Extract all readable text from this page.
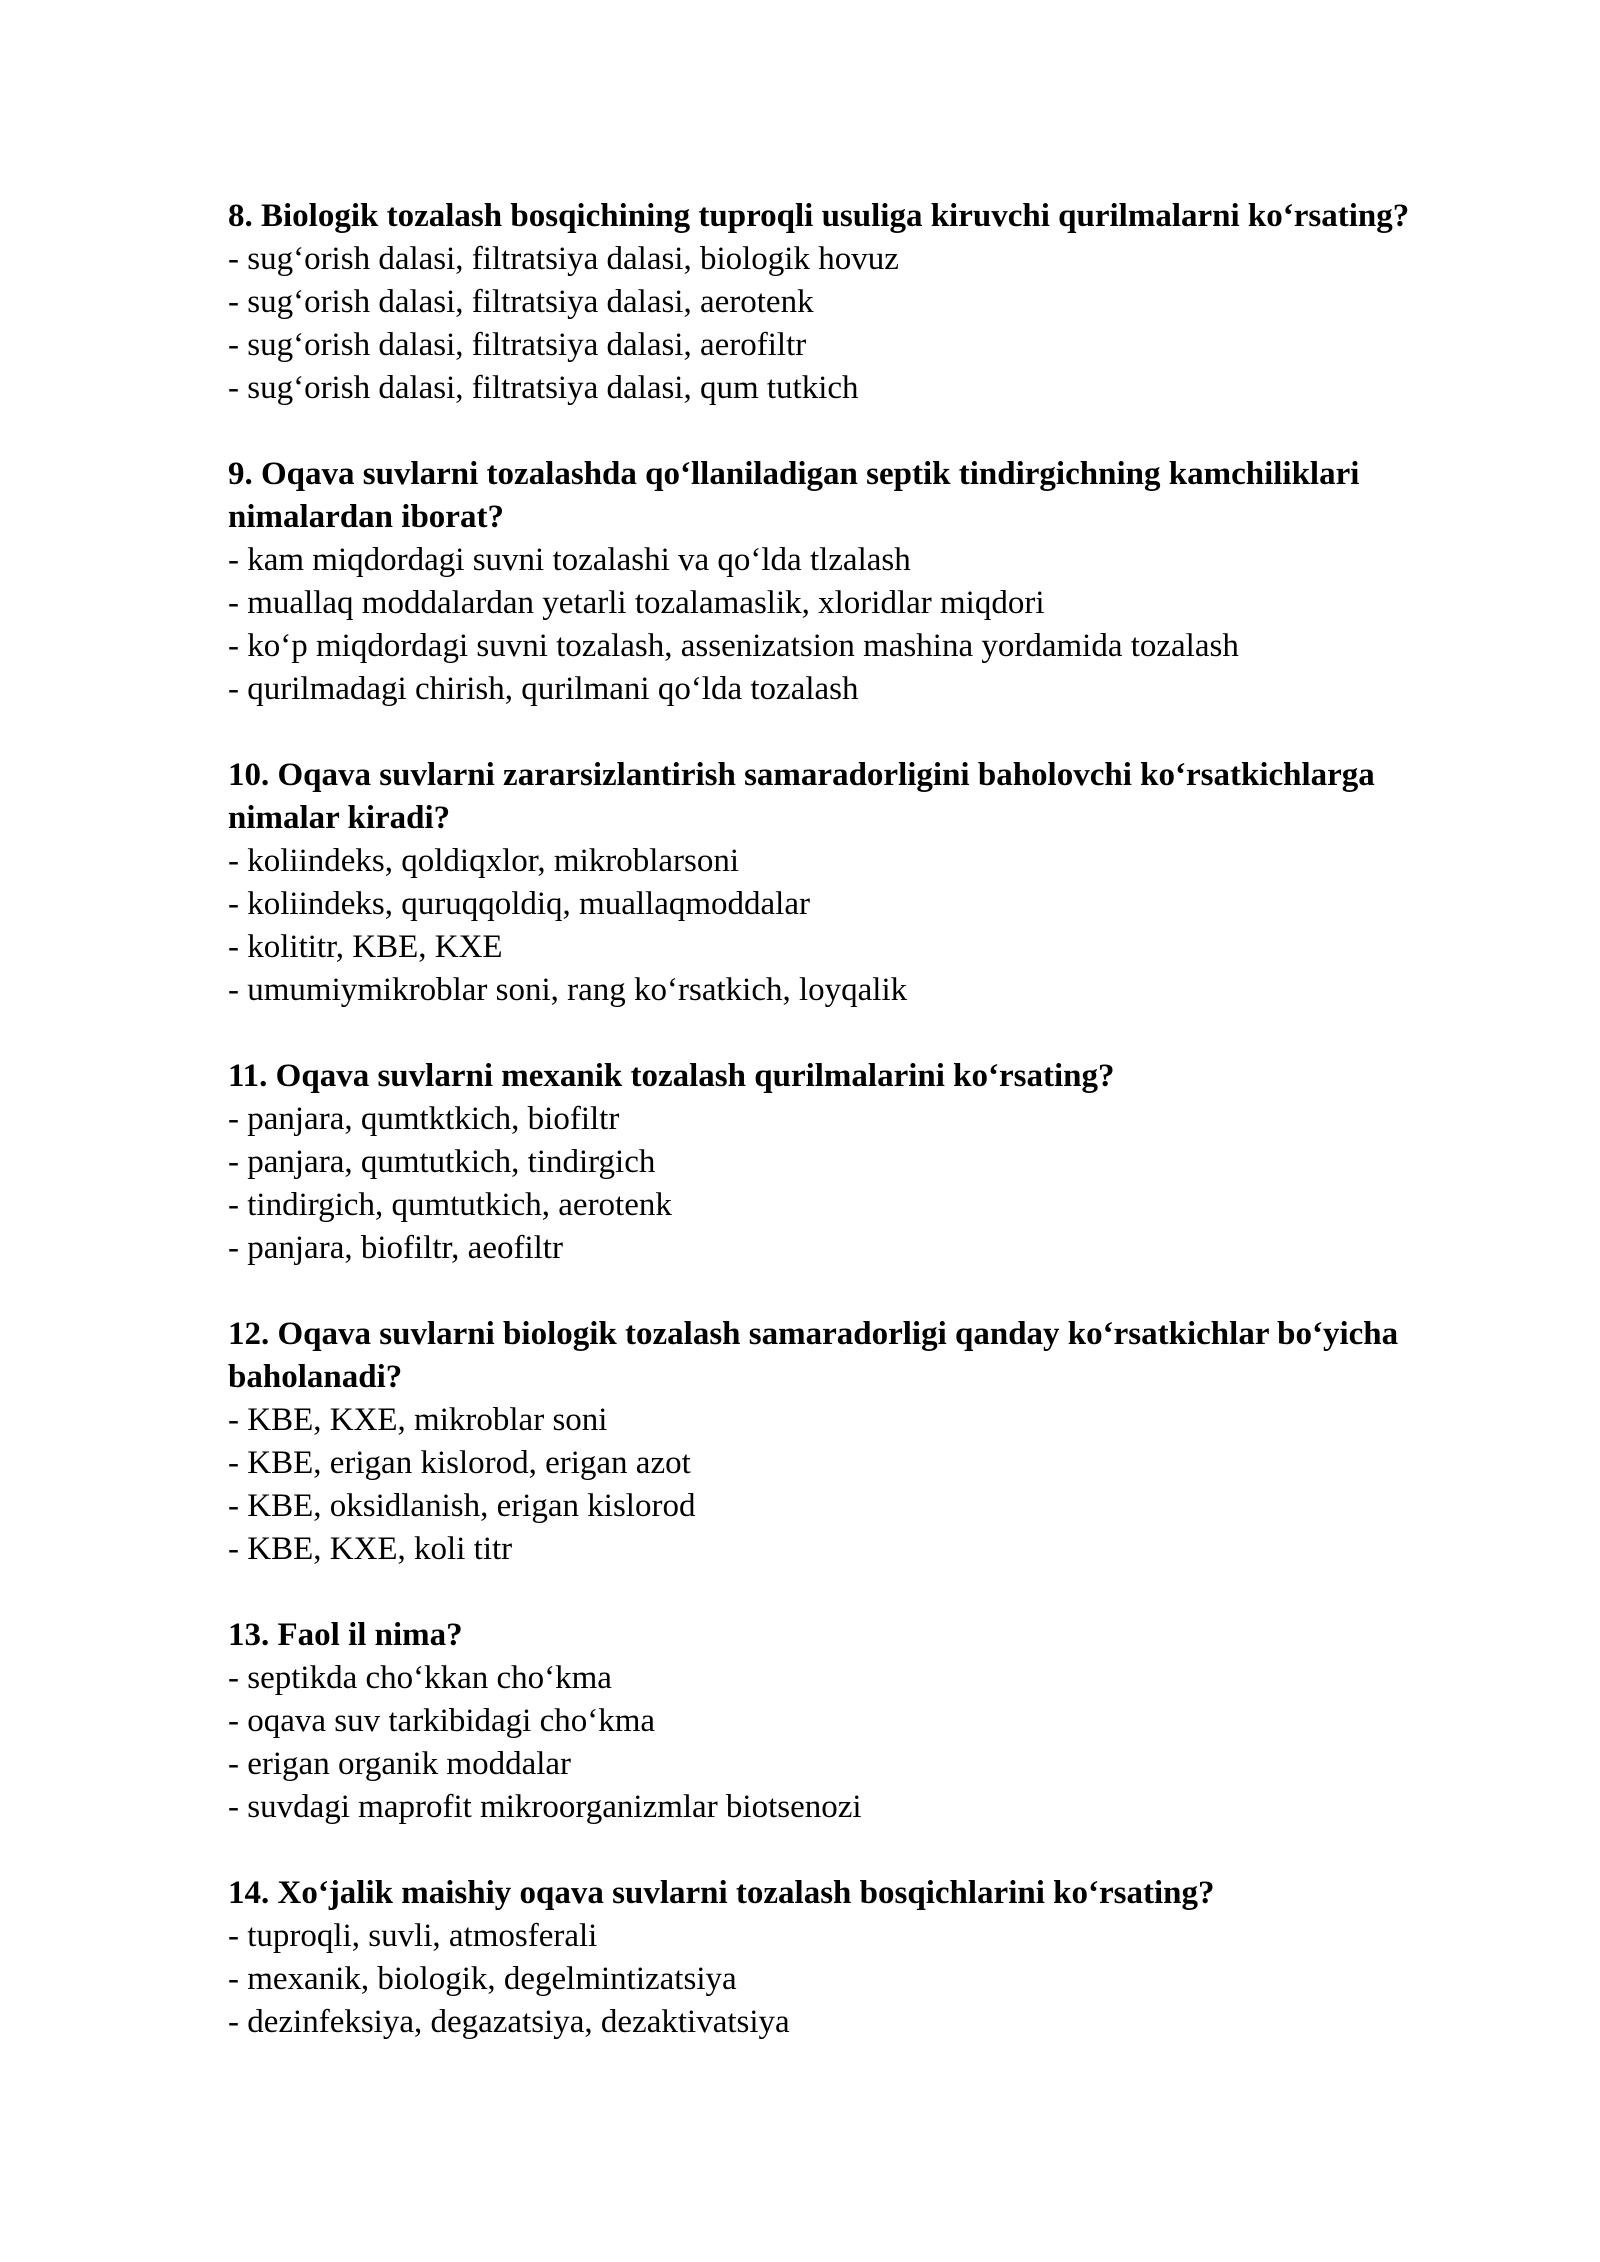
8. Biologik tozalash bosqichining tuproqli usuliga kiruvchi qurilmalarni ko‘rsating?

- sug‘orish dalasi, filtratsiya dalasi, biologik hovuz
- sug‘orish dalasi, filtratsiya dalasi, aerotenk
- sug‘orish dalasi, filtratsiya dalasi, aerofiltr
- sug‘orish dalasi, filtratsiya dalasi, qum tutkich

9. Oqava suvlarni tozalashda qo‘llaniladigan septik tindirgichning kamchiliklari nimalardan iborat?

- kam miqdordagi suvni tozalashi va qo‘lda tlzalash
- muallaq moddalardan yetarli tozalamaslik, xloridlar miqdori
- ko‘p miqdordagi suvni tozalash, assenizatsion mashina yordamida tozalash
- qurilmadagi chirish, qurilmani qo‘lda tozalash

10. Oqava suvlarni zararsizlantirish samaradorligini baholovchi ko‘rsatkichlarga nimalar kiradi?

- koliindeks, qoldiqxlor, mikroblarsoni
- koliindeks, quruqqoldiq, muallaqmoddalar
- kolititr, KBE, KXE
- umumiymikroblar soni, rang ko‘rsatkich, loyqalik

11. Oqava suvlarni mexanik tozalash qurilmalarini ko‘rsating?

- panjara, qumtktkich, biofiltr
- panjara, qumtutkich, tindirgich
- tindirgich, qumtutkich, aerotenk
- panjara, biofiltr, aeofiltr

12. Oqava suvlarni biologik tozalash samaradorligi qanday ko‘rsatkichlar bo‘yicha baholanadi?

- KBE, KXE, mikroblar soni
- KBE, erigan kislorod, erigan azot
- KBE, oksidlanish, erigan kislorod
- KBE, KXE, koli titr

13. Faol il nima?

- septikda cho‘kkan cho‘kma
- oqava suv tarkibidagi cho‘kma
- erigan organik moddalar
- suvdagi maprofit mikroorganizmlar biotsenozi

14. Xo‘jalik maishiy oqava suvlarni tozalash bosqichlarini ko‘rsating?

- tuproqli, suvli, atmosferali
- mexanik, biologik, degelmintizatsiya
- dezinfeksiya, degazatsiya, dezaktivatsiya
